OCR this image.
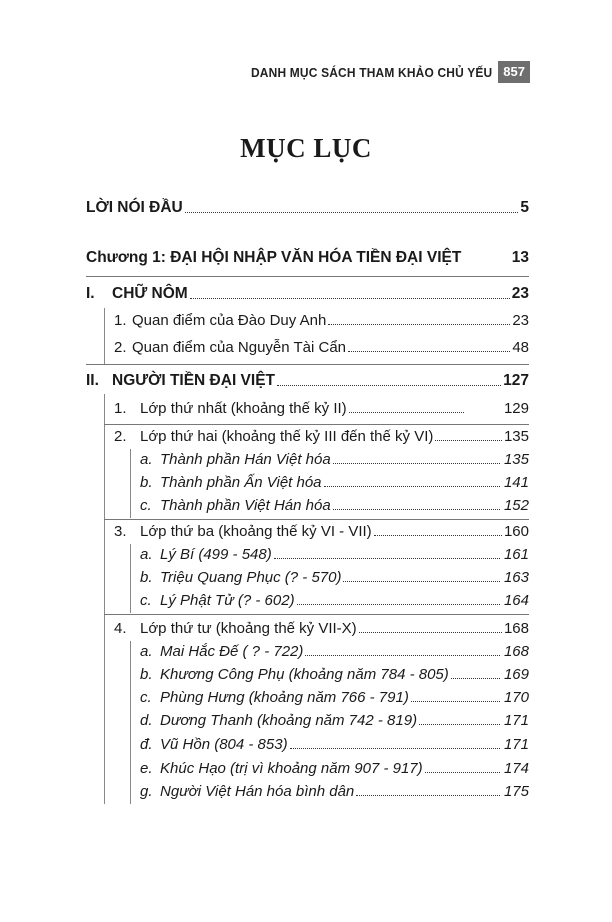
DANH MỤC SÁCH THAM KHẢO CHỦ YẾU 857
MỤC LỤC
LỜI NÓI ĐẦU	5
Chương 1: ĐẠI HỘI NHẬP VĂN HÓA TIỀN ĐẠI VIỆT	13
I. CHỮ NÔM	23
1. Quan điểm của Đào Duy Anh	23
2. Quan điểm của Nguyễn Tài Cẩn	48
II. NGƯỜI TIỀN ĐẠI VIỆT	127
1. Lớp thứ nhất (khoảng thế kỷ II)	129
2. Lớp thứ hai (khoảng thế kỷ III đến thế kỷ VI)	135
a. Thành phần Hán Việt hóa	135
b. Thành phần Ấn Việt hóa	141
c. Thành phần Việt Hán hóa	152
3. Lớp thứ ba (khoảng thế kỷ VI - VII)	160
a. Lý Bí (499 - 548)	161
b. Triệu Quang Phục (? - 570)	163
c. Lý Phật Tử (? - 602)	164
4. Lớp thứ tư (khoảng thế kỷ VII-X)	168
a. Mai Hắc Đế ( ? - 722)	168
b. Khương Công Phụ (khoảng năm 784 - 805)	169
c. Phùng Hưng (khoảng năm 766 - 791)	170
d. Dương Thanh (khoảng năm 742 - 819)	171
đ. Vũ Hồn (804 - 853)	171
e. Khúc Hạo (trị vì khoảng năm 907 - 917)	174
g. Người Việt Hán hóa bình dân	175
